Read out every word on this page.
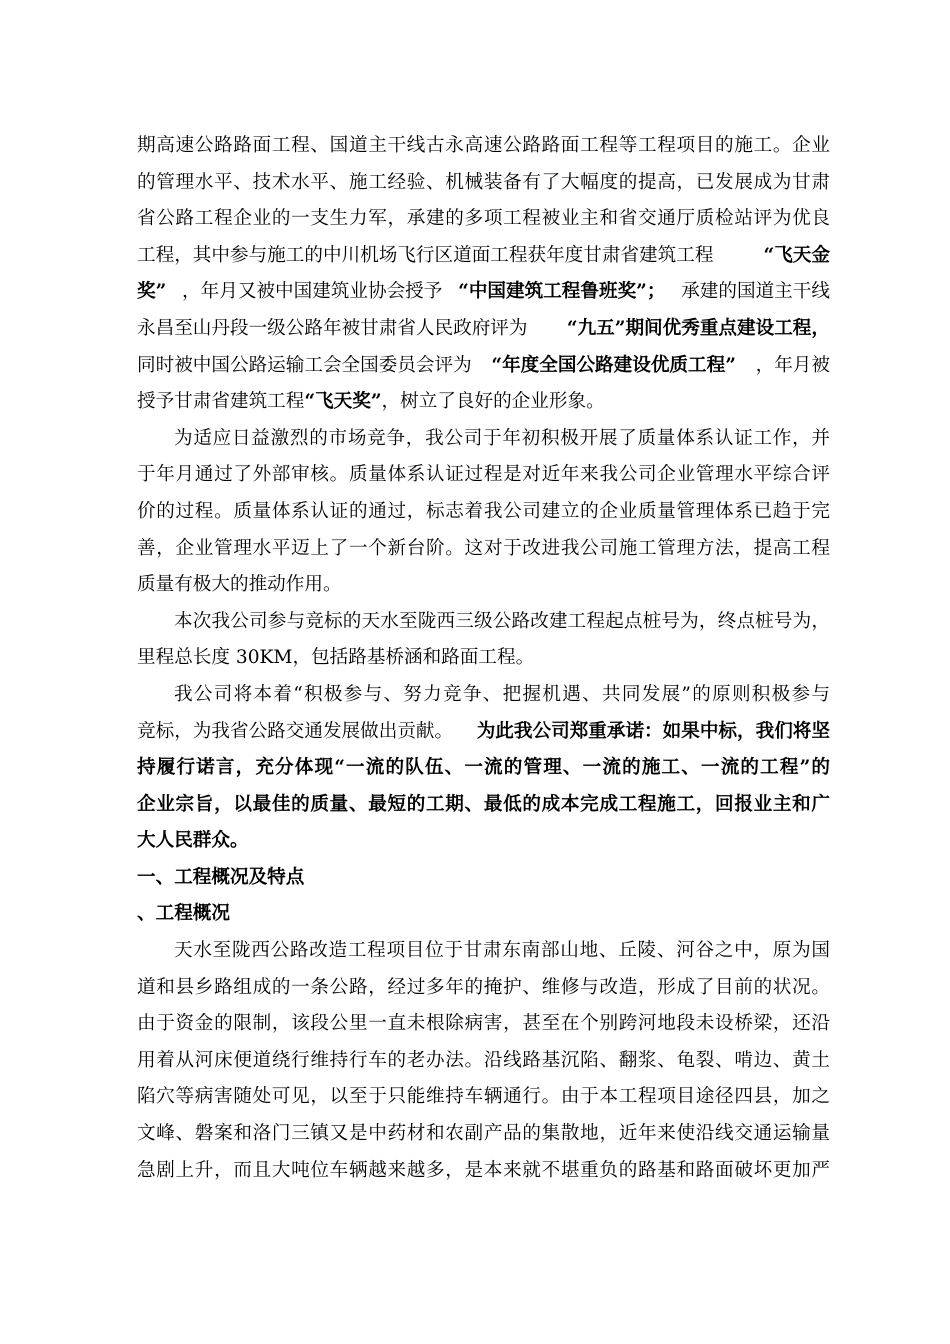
期高速公路路面工程、国道主干线古永高速公路路面工程等工程项目的施工。企业
的管理水平、技术水平、施工经验、机械装备有了大幅度的提高，已发展成为甘肃
省公路工程企业的一支生力军，承建的多项工程被业主和省交通厅质检站评为优良
工程，其中参与施工的中川机场飞行区道面工程获年度甘肃省建筑工程	“飞天金
奖” ，年月又被中国建筑业协会授予 “中国建筑工程鲁班奖”； 承建的国道主干线
永昌至山丹段一级公路年被甘肃省人民政府评为 “九五”期间优秀重点建设工程，
同时被中国公路运输工会全国委员会评为 “年度全国公路建设优质工程” ，年月被
授予甘肃省建筑工程“飞天奖”，树立了良好的企业形象。
为适应日益激烈的市场竞争，我公司于年初积极开展了质量体系认证工作，并
于年月通过了外部审核。质量体系认证过程是对近年来我公司企业管理水平综合评
价的过程。质量体系认证的通过，标志着我公司建立的企业质量管理体系已趋于完
善，企业管理水平迈上了一个新台阶。这对于改进我公司施工管理方法，提高工程
质量有极大的推动作用。
本次我公司参与竞标的天水至陇西三级公路改建工程起点桩号为，终点桩号为，
里程总长度 30KM，包括路基桥涵和路面工程。
我公司将本着“积极参与、努力竞争、把握机遇、共同发展”的原则积极参与
竞标，为我省公路交通发展做出贡献。 为此我公司郑重承诺：如果中标，我们将坚
持履行诺言，充分体现“一流的队伍、一流的管理、一流的施工、一流的工程”的
企业宗旨，以最佳的质量、最短的工期、最低的成本完成工程施工，回报业主和广
大人民群众。
一、工程概况及特点
、工程概况
天水至陇西公路改造工程项目位于甘肃东南部山地、丘陵、河谷之中，原为国
道和县乡路组成的一条公路，经过多年的掩护、维修与改造，形成了目前的状况。
由于资金的限制，该段公里一直未根除病害，甚至在个别跨河地段未设桥梁，还沿
用着从河床便道绕行维持行车的老办法。沿线路基沉陷、翻浆、龟裂、啃边、黄土
陷穴等病害随处可见，以至于只能维持车辆通行。由于本工程项目途径四县，加之
文峰、磐案和洛门三镇又是中药材和农副产品的集散地，近年来使沿线交通运输量
急剧上升，而且大吨位车辆越来越多，是本来就不堪重负的路基和路面破坏更加严
